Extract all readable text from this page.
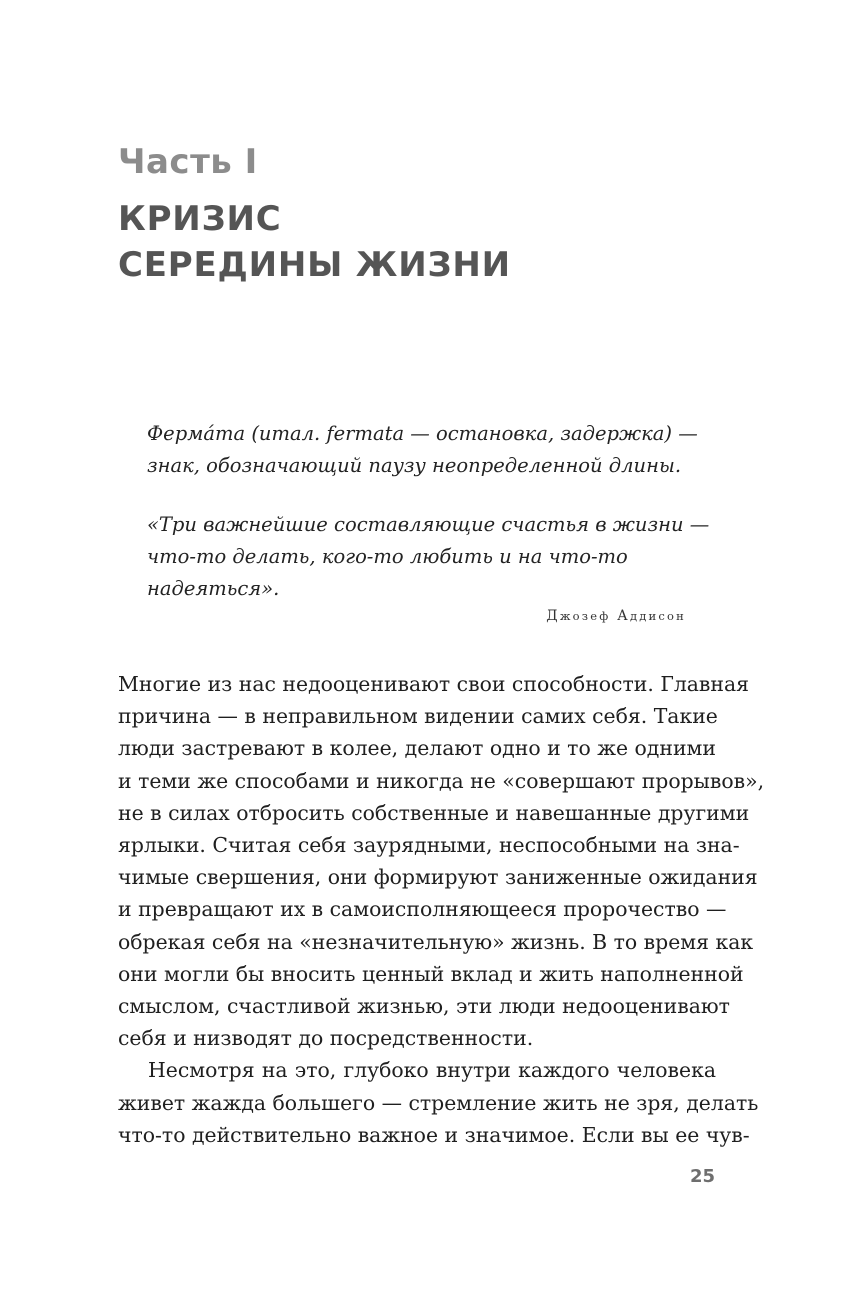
Часть I
КРИЗИС
СЕРЕДИНЫ ЖИЗНИ
Ферма́та (итал. fermata — остановка, задержка) —
знак, обозначающий паузу неопределенной длины.
«Три важнейшие составляющие счастья в жизни —
что-то делать, кого-то любить и на что-то
надеяться».
Джозеф Аддисон
Многие из нас недооценивают свои способности. Главная
причина — в неправильном видении самих себя. Такие
люди застревают в колее, делают одно и то же одними
и теми же способами и никогда не «совершают прорывов»,
не в силах отбросить собственные и навешанные другими
ярлыки. Считая себя заурядными, неспособными на зна-
чимые свершения, они формируют заниженные ожидания
и превращают их в самоисполняющееся пророчество —
обрекая себя на «незначительную» жизнь. В то время как
они могли бы вносить ценный вклад и жить наполненной
смыслом, счастливой жизнью, эти люди недооценивают
себя и низводят до посредственности.
Несмотря на это, глубоко внутри каждого человека
живет жажда большего — стремление жить не зря, делать
что-то действительно важное и значимое. Если вы ее чув-
25
